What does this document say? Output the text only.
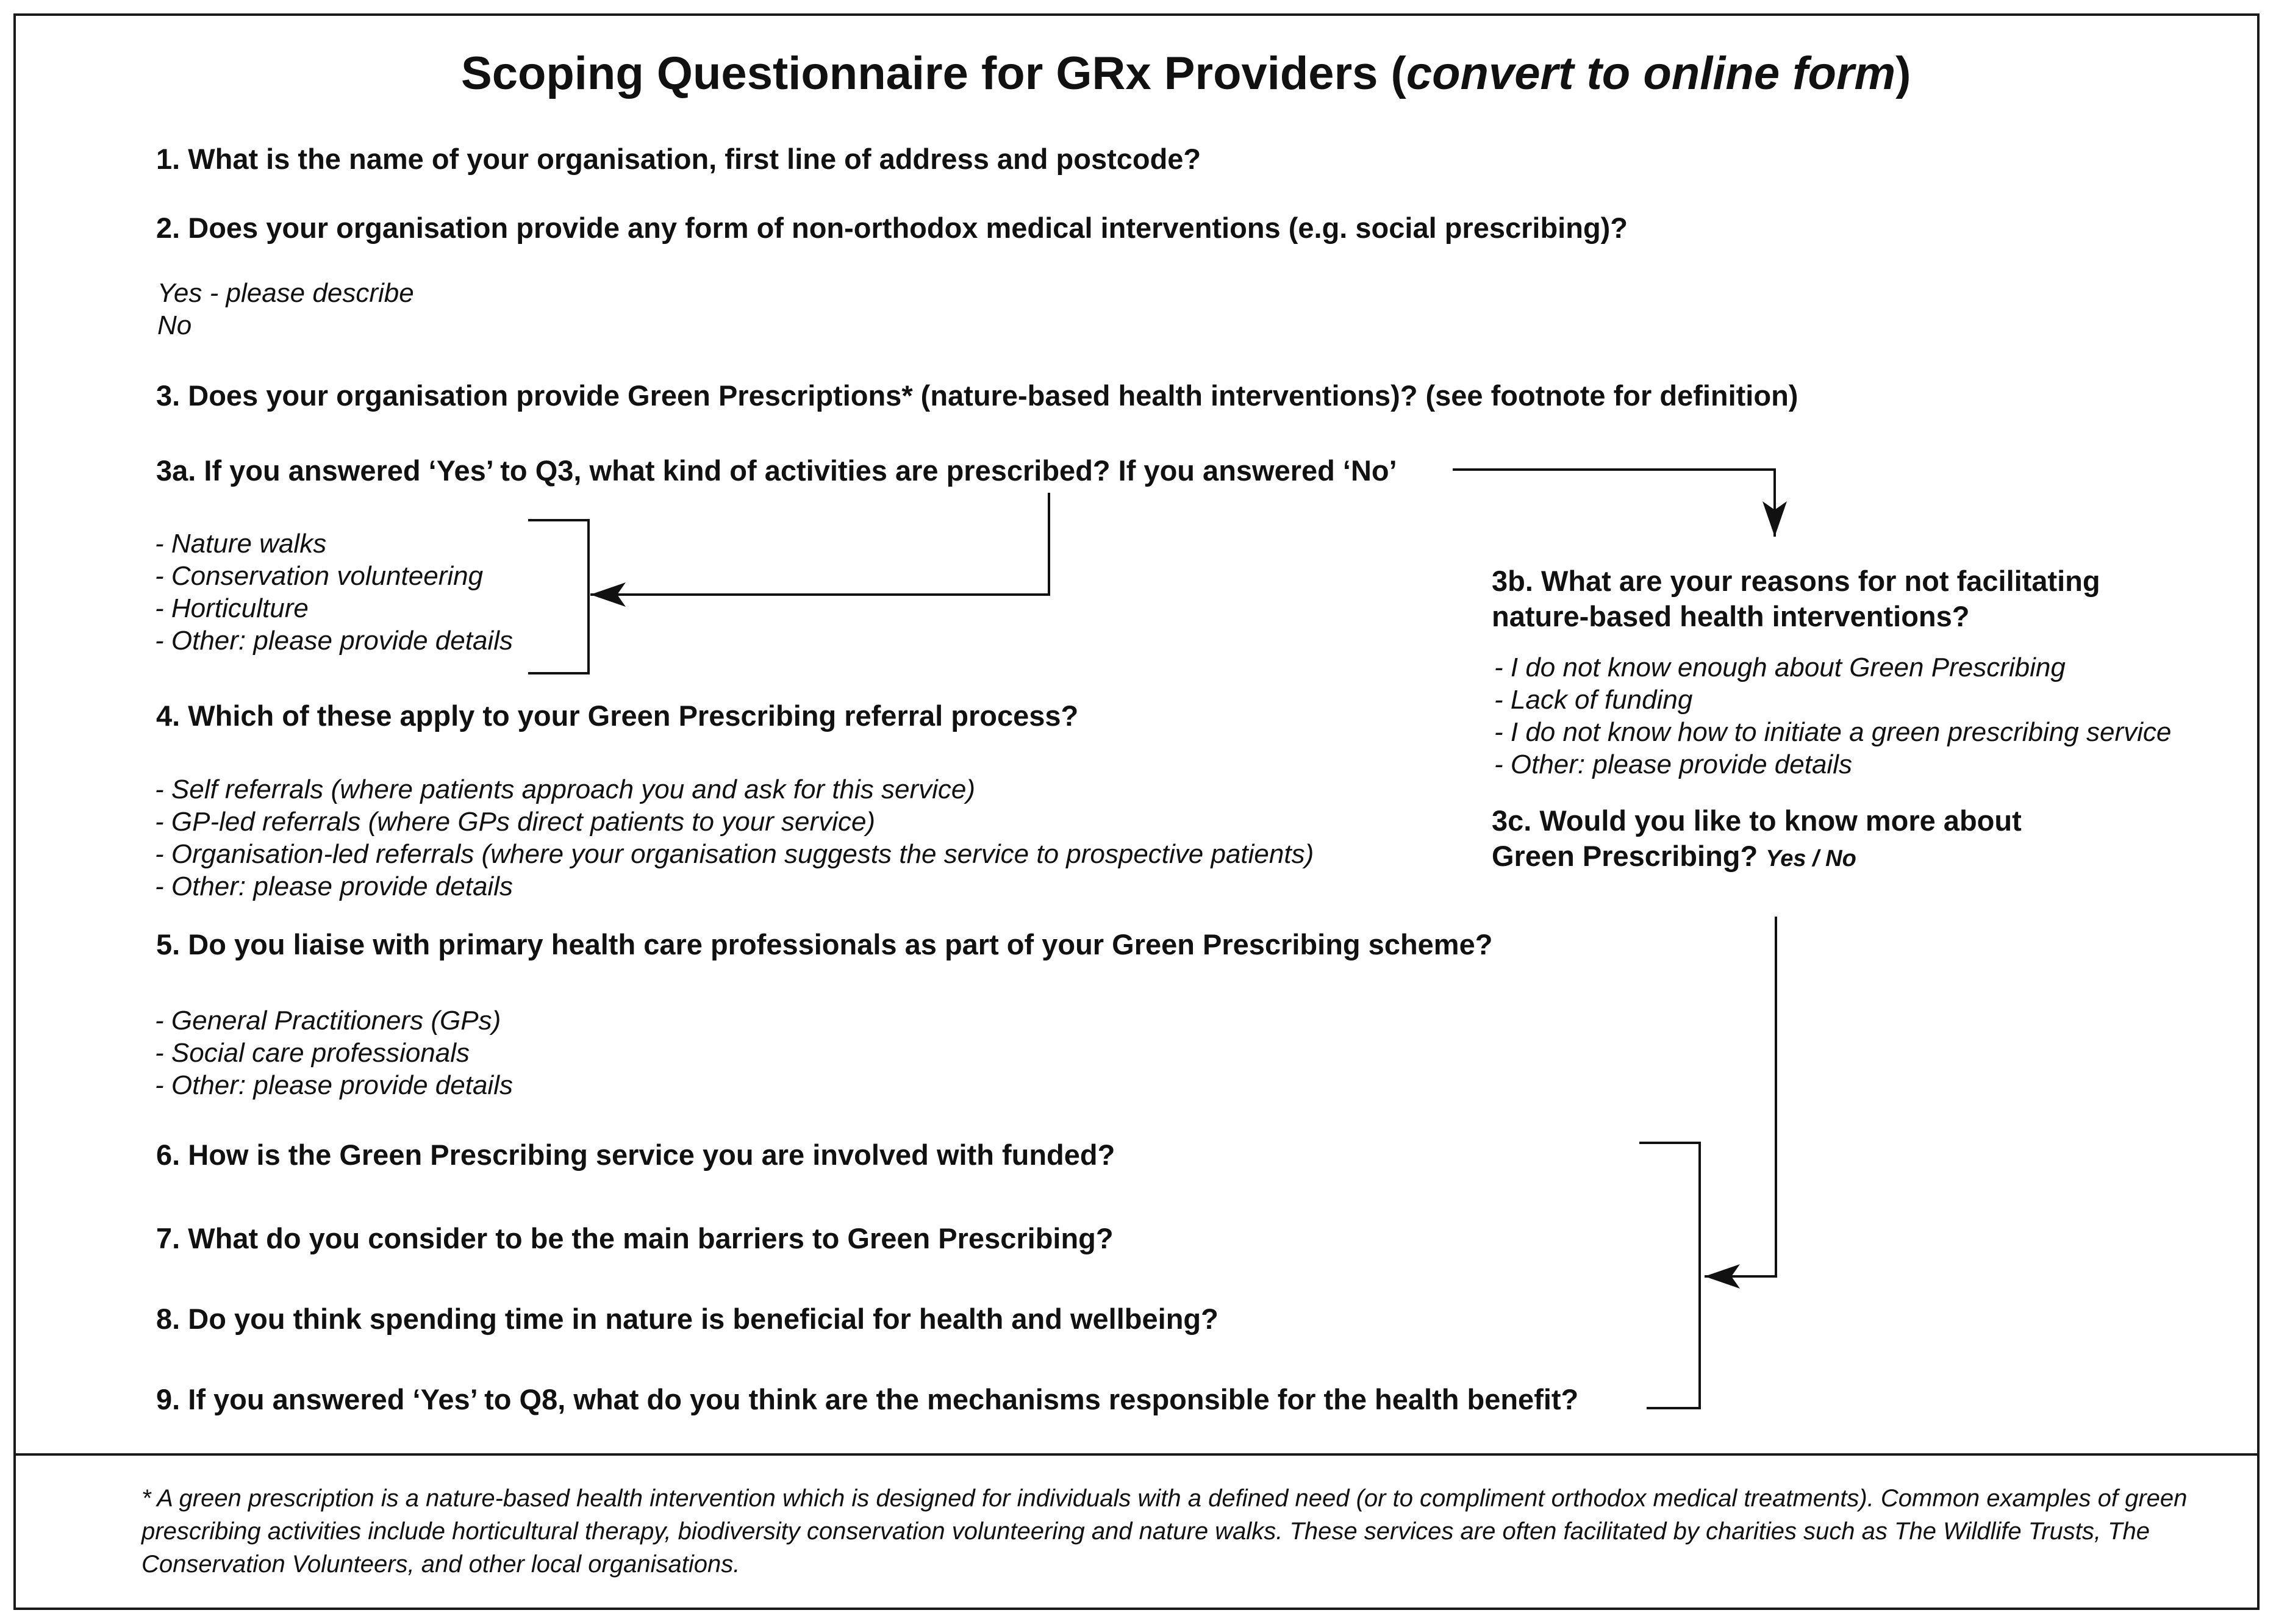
Scoping Questionnaire for GRx Providers (convert to online form)
1. What is the name of your organisation, first line of address and postcode?
2. Does your organisation provide any form of non-orthodox medical interventions (e.g. social prescribing)?
Yes - please describe
No
3. Does your organisation provide Green Prescriptions* (nature-based health interventions)? (see footnote for definition)
3a. If you answered ‘Yes’ to Q3, what kind of activities are prescribed? If you answered ‘No’
- Nature walks
- Conservation volunteering
- Horticulture
- Other: please provide details
3b. What are your reasons for not facilitating
nature-based health interventions?
- I do not know enough about Green Prescribing
- Lack of funding
- I do not know how to initiate a green prescribing service
- Other: please provide details
3c. Would you like to know more about
Green Prescribing? Yes / No
4. Which of these apply to your Green Prescribing referral process?
- Self referrals (where patients approach you and ask for this service)
- GP-led referrals (where GPs direct patients to your service)
- Organisation-led referrals (where your organisation suggests the service to prospective patients)
- Other: please provide details
5. Do you liaise with primary health care professionals as part of your Green Prescribing scheme?
- General Practitioners (GPs)
- Social care professionals
- Other: please provide details
6. How is the Green Prescribing service you are involved with funded?
7. What do you consider to be the main barriers to Green Prescribing?
8. Do you think spending time in nature is beneficial for health and wellbeing?
9. If you answered ‘Yes’ to Q8, what do you think are the mechanisms responsible for the health benefit?
* A green prescription is a nature-based health intervention which is designed for individuals with a defined need (or to compliment orthodox medical treatments). Common examples of green prescribing activities include horticultural therapy, biodiversity conservation volunteering and nature walks. These services are often facilitated by charities such as The Wildlife Trusts, The Conservation Volunteers, and other local organisations.
